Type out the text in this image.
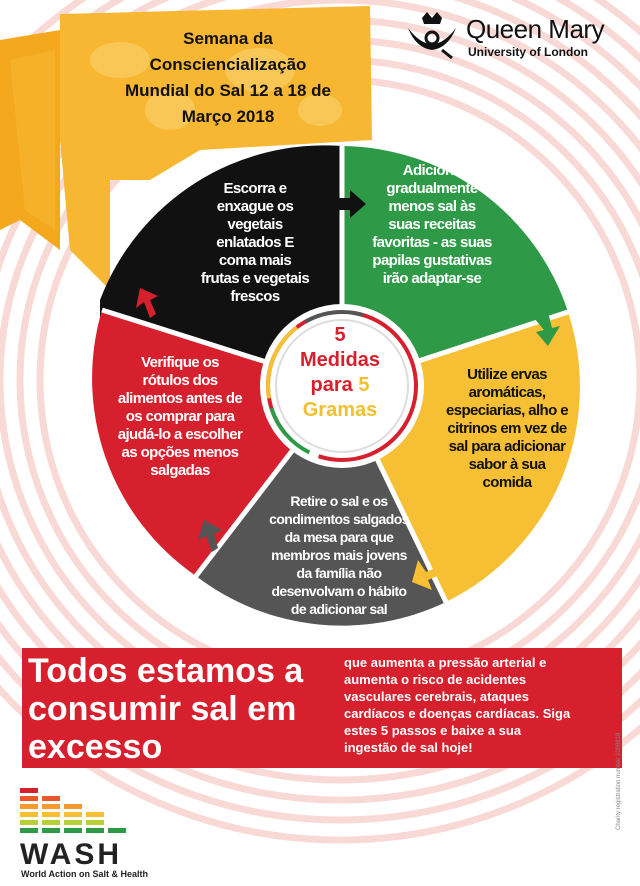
Semana da
Consciencialização
Mundial do Sal 12 a 18 de
Março 2018
Queen Mary
University of London
Escorra e
enxague os
vegetais
enlatados E
coma mais
frutas e vegetais
frescos
Adicione
gradualmente
menos sal às
suas receitas
favoritas - as suas
papilas gustativas
irão adaptar-se
Utilize ervas
aromáticas,
especiarias, alho e
citrinos em vez de
sal para adicionar
sabor à sua
comida
Retire o sal e os
condimentos salgados
da mesa para que
membros mais jovens
da família não
desenvolvam o hábito
de adicionar sal
Verifique os
rótulos dos
alimentos antes de
os comprar para
ajudá-lo a escolher
as opções menos
salgadas
5
Medidas
para 5
Gramas
Todos estamos a
consumir sal em
excesso
que aumenta a pressão arterial e
aumenta o risco de acidentes
vasculares cerebrais, ataques
cardíacos e doenças cardíacas. Siga
estes 5 passos e baixe a sua
ingestão de sal hoje!
WASH
World Action on Salt & Health
Charity registration number 1098818
